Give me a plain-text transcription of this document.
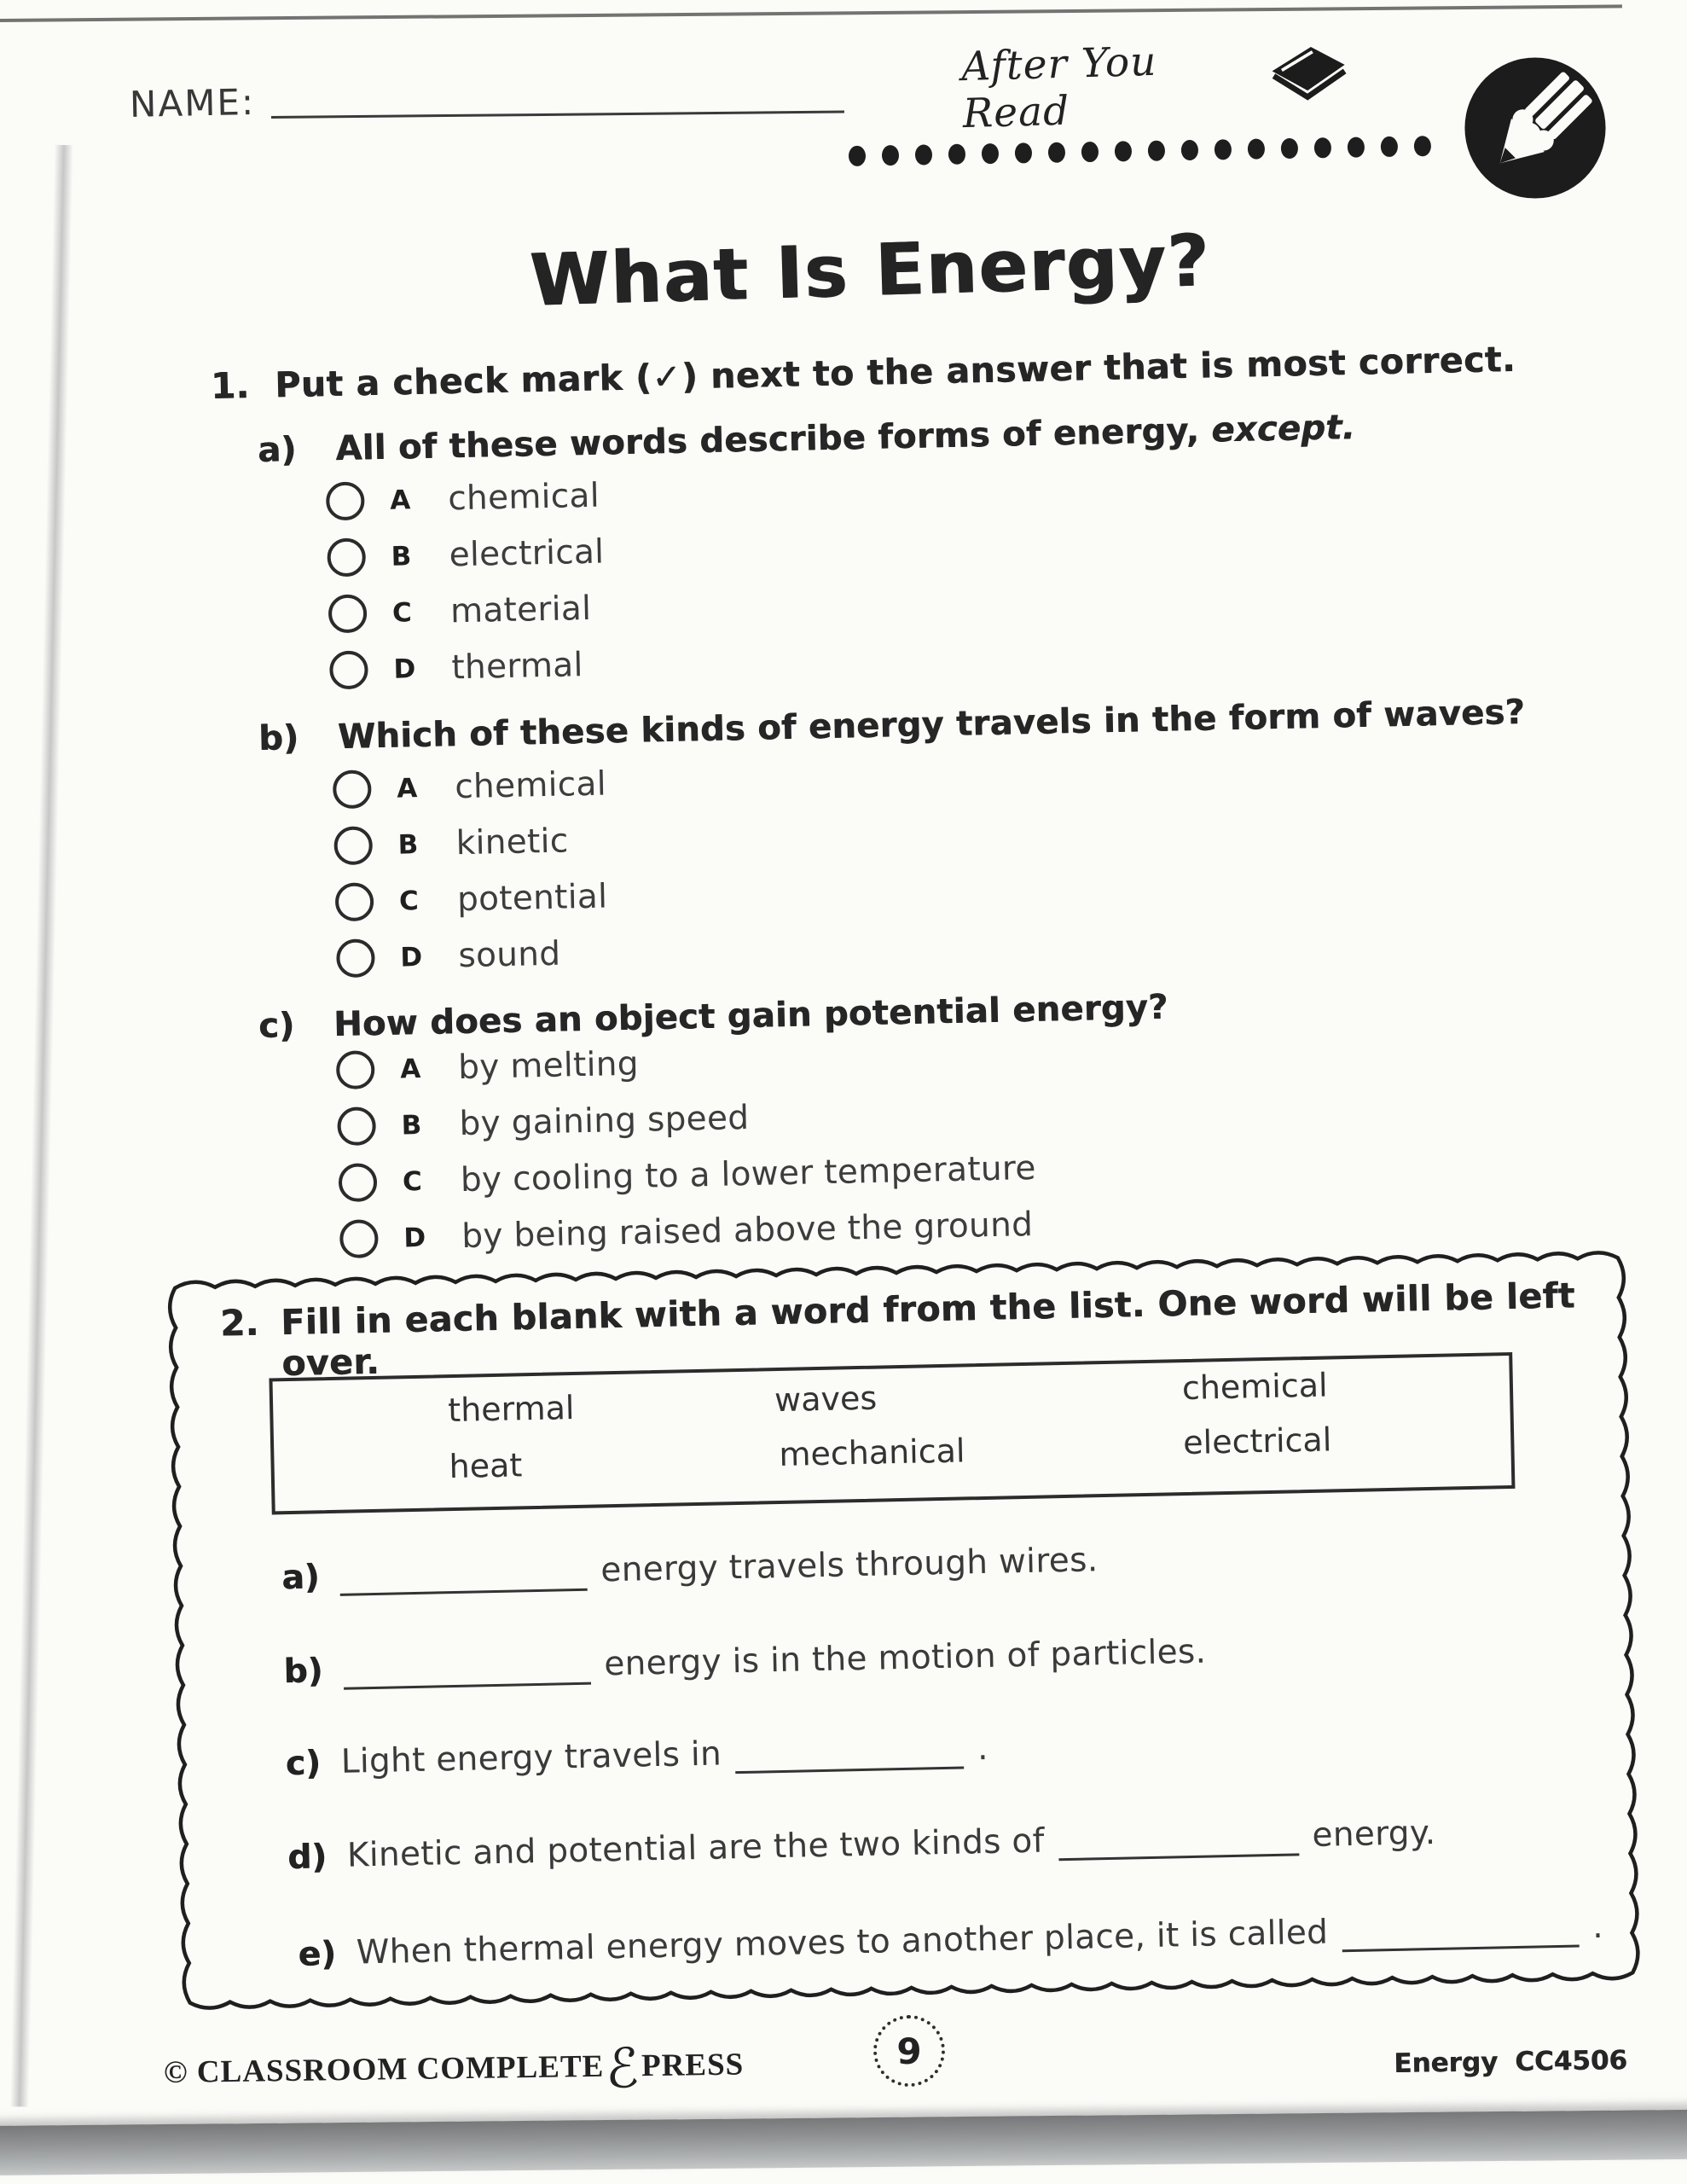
NAME:
After You Read
What Is Energy?
1. Put a check mark (✓) next to the answer that is most correct.
a) All of these words describe forms of energy, except.
A	chemical
B	electrical
C	material
D	thermal
b) Which of these kinds of energy travels in the form of waves?
A	chemical
B	kinetic
C	potential
D	sound
c) How does an object gain potential energy?
A	by melting
B	by gaining speed
C	by cooling to a lower temperature
D	by being raised above the ground
2. Fill in each blank with a word from the list. One word will be left over.
thermal	waves	chemical
heat	mechanical	electrical
a)	energy travels through wires.
b)	energy is in the motion of particles.
c) Light energy travels in	.
d) Kinetic and potential are the two kinds of	energy.
e) When thermal energy moves to another place, it is called	.
© CLASSROOM COMPLETE ℰ PRESS	9	Energy CC4506
